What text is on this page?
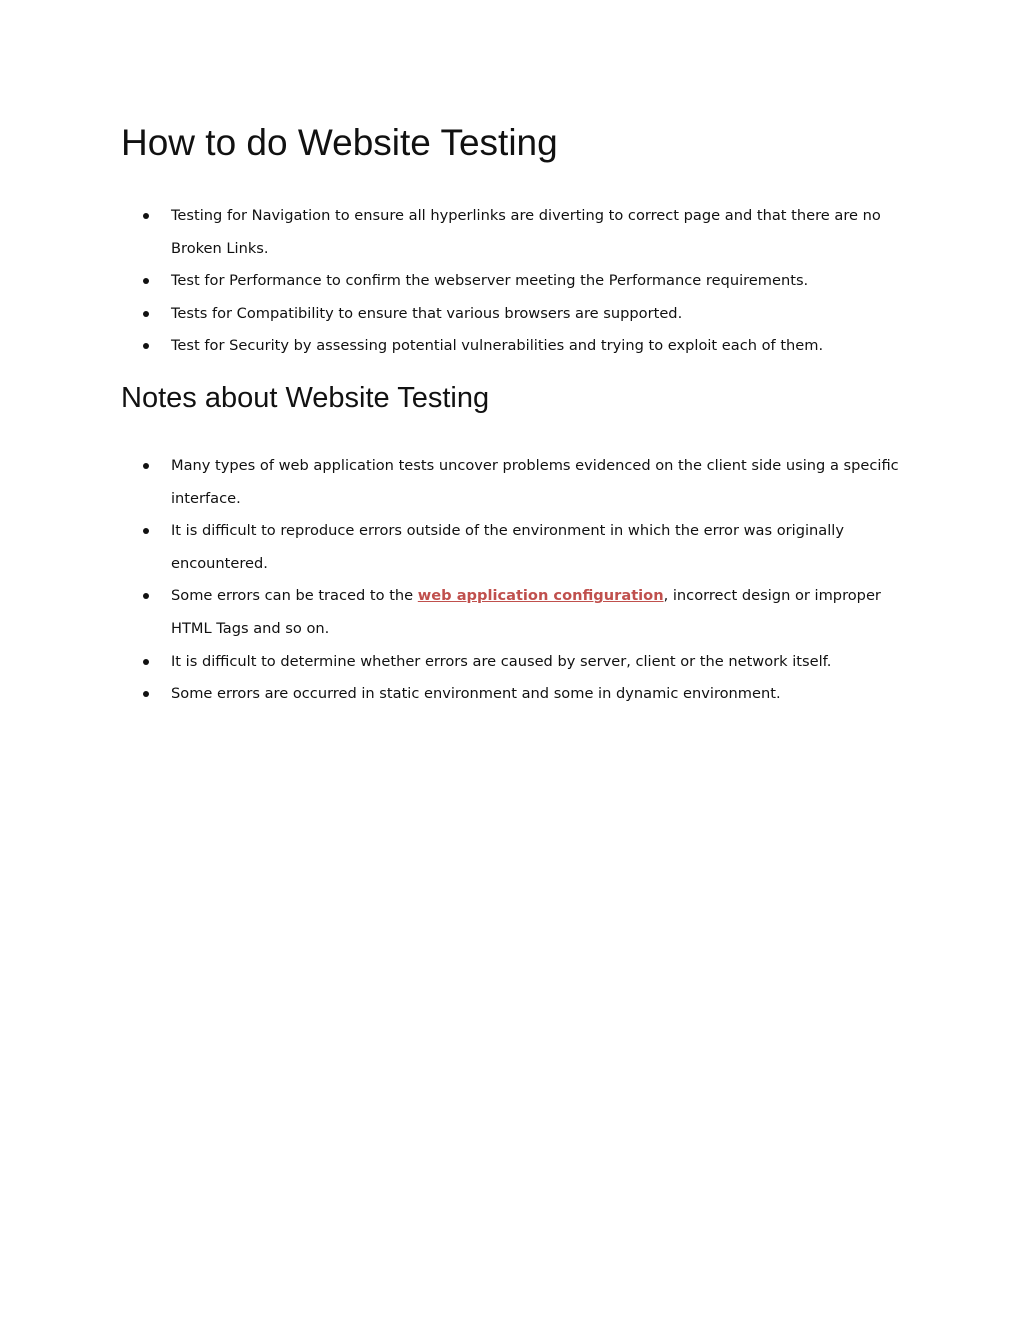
How to do Website Testing
Testing for Navigation to ensure all hyperlinks are diverting to correct page and that there are no Broken Links.
Test for Performance to confirm the webserver meeting the Performance requirements.
Tests for Compatibility to ensure that various browsers are supported.
Test for Security by assessing potential vulnerabilities and trying to exploit each of them.
Notes about Website Testing
Many types of web application tests uncover problems evidenced on the client side using a specific interface.
It is difficult to reproduce errors outside of the environment in which the error was originally encountered.
Some errors can be traced to the web application configuration, incorrect design or improper HTML Tags and so on.
It is difficult to determine whether errors are caused by server, client or the network itself.
Some errors are occurred in static environment and some in dynamic environment.
